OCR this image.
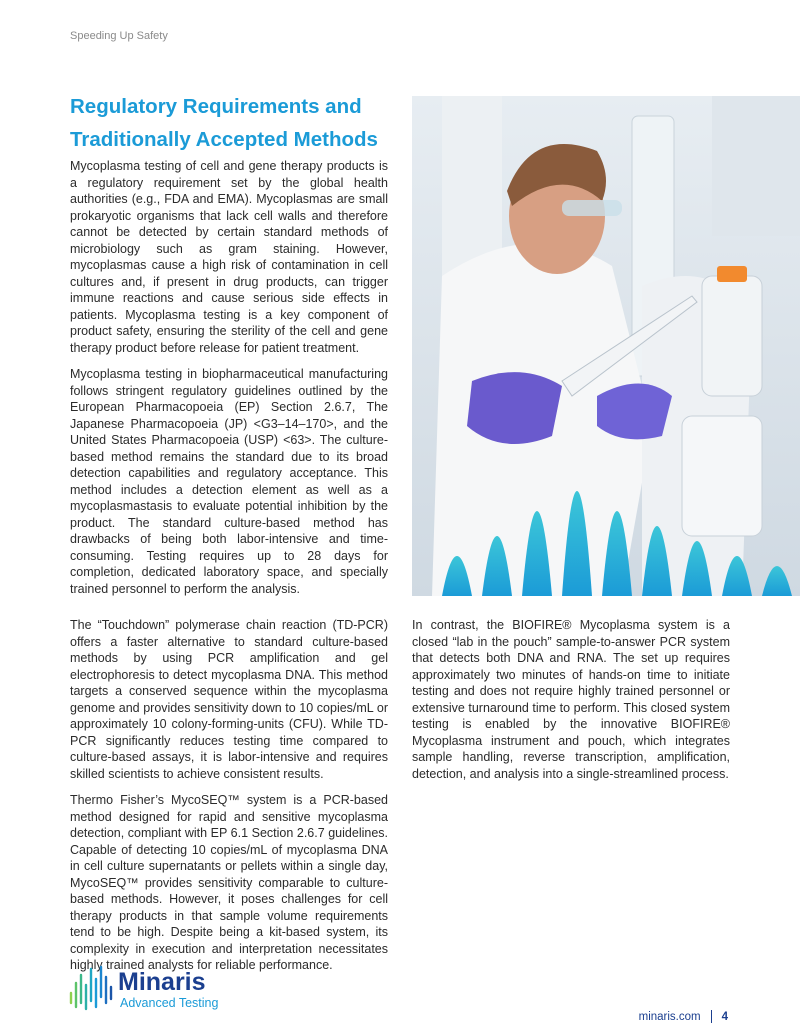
Speeding Up Safety
Regulatory Requirements and Traditionally Accepted Methods

Mycoplasma testing of cell and gene therapy products is a regulatory requirement set by the global health authorities (e.g., FDA and EMA). Mycoplasmas are small prokaryotic organisms that lack cell walls and therefore cannot be detected by certain standard methods of microbiology such as gram staining. However, mycoplasmas cause a high risk of contamination in cell cultures and, if present in drug products, can trigger immune reactions and cause serious side effects in patients. Mycoplasma testing is a key component of product safety, ensuring the sterility of the cell and gene therapy product before release for patient treatment.

Mycoplasma testing in biopharmaceutical manufacturing follows stringent regulatory guidelines outlined by the European Pharmacopoeia (EP) Section 2.6.7, The Japanese Pharmacopoeia (JP) <G3–14–170>, and the United States Pharmacopoeia (USP) <63>. The culture-based method remains the standard due to its broad detection capabilities and regulatory acceptance. This method includes a detection element as well as a mycoplasmastasis to evaluate potential inhibition by the product. The standard culture-based method has drawbacks of being both labor-intensive and time-consuming. Testing requires up to 28 days for completion, dedicated laboratory space, and specially trained personnel to perform the analysis.

The “Touchdown” polymerase chain reaction (TD-PCR) offers a faster alternative to standard culture-based methods by using PCR amplification and gel electrophoresis to detect mycoplasma DNA. This method targets a conserved sequence within the mycoplasma genome and provides sensitivity down to 10 copies/mL or approximately 10 colony-forming-units (CFU). While TD-PCR significantly reduces testing time compared to culture-based assays, it is labor-intensive and requires skilled scientists to achieve consistent results.

Thermo Fisher’s MycoSEQ™ system is a PCR-based method designed for rapid and sensitive mycoplasma detection, compliant with EP 6.1 Section 2.6.7 guidelines. Capable of detecting 10 copies/mL of mycoplasma DNA in cell culture supernatants or pellets within a single day, MycoSEQ™ provides sensitivity comparable to culture-based methods. However, it poses challenges for cell therapy products in that sample volume requirements tend to be high. Despite being a kit-based system, its complexity in execution and interpretation necessitates highly trained analysts for reliable performance.

In contrast, the BIOFIRE® Mycoplasma system is a closed “lab in the pouch” sample-to-answer PCR system that detects both DNA and RNA. The set up requires approximately two minutes of hands-on time to initiate testing and does not require highly trained personnel or extensive turnaround time to perform. This closed system testing is enabled by the innovative BIOFIRE® Mycoplasma instrument and pouch, which integrates sample handling, reverse transcription, amplification, detection, and analysis into a single-streamlined process.

Minaris
Advanced Testing
minaris.com 4
